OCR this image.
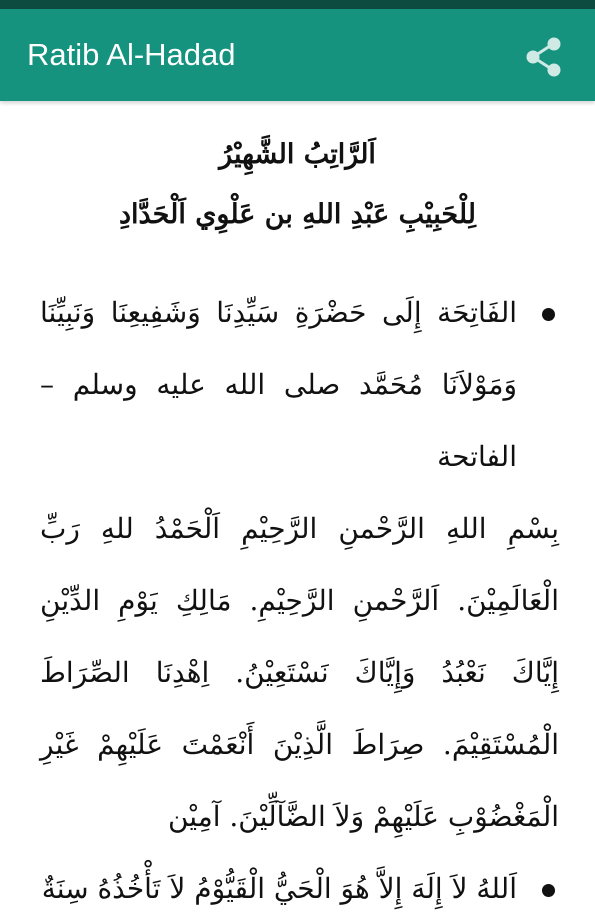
Ratib Al-Hadad
اَلرَّاتِبُ الشَّهِيْرُ
لِلْحَبِيْبِ عَبْدِ اللهِ بن عَلْوِي اَلْحَدَّادِ

الفَاتِحَة إِلَى حَضْرَةِ سَيِّدِنَا وَشَفِيعِنَا وَنَبِيِّنَا وَمَوْلاَنَا مُحَمَّد صلى الله عليه وسلم – الفاتحة

بِسْمِ اللهِ الرَّحْمنِ الرَّحِيْمِ اَلْحَمْدُ للهِ رَبِّ الْعَالَمِيْنَ. اَلرَّحْمنِ الرَّحِيْمِ. مَالِكِ يَوْمِ الدِّيْنِ إِيَّاكَ نَعْبُدُ وَإِيَّاكَ نَسْتَعِيْنُ. اِهْدِنَا الصِّرَاطَ الْمُسْتَقِيْمَ. صِرَاطَ الَّذِيْنَ أَنْعَمْتَ عَلَيْهِمْ غَيْرِ الْمَغْضُوْبِ عَلَيْهِمْ وَلاَ الضَّآلِّيْنَ. آمِيْن

اَللهُ لاَ إِلَهَ إِلاَّ هُوَ الْحَيُّ الْقَيُّوْمُ لاَ تَأْخُذُهُ سِنَةٌ
